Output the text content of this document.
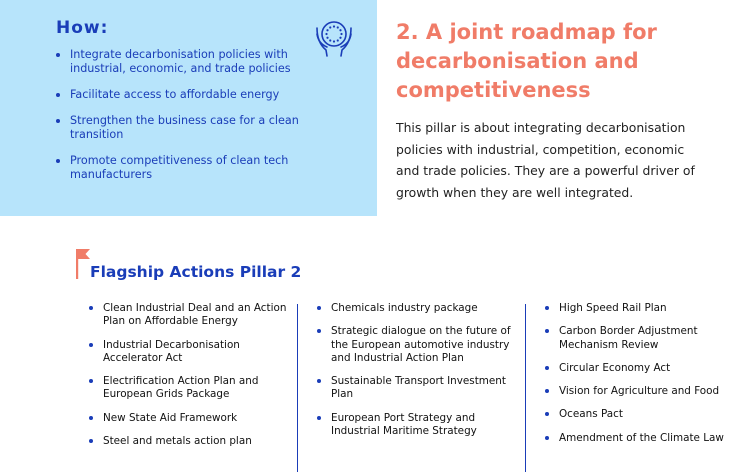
How:
Integrate decarbonisation policies with industrial, economic, and trade policies
Facilitate access to affordable energy
Strengthen the business case for a clean transition
Promote competitiveness of clean tech manufacturers
2. A joint roadmap for decarbonisation and competitiveness

This pillar is about integrating decarbonisation policies with industrial, competition, economic and trade policies. They are a powerful driver of growth when they are well integrated.

Flagship Actions Pillar 2
Clean Industrial Deal and an Action Plan on Affordable Energy
Industrial Decarbonisation Accelerator Act
Electrification Action Plan and European Grids Package
New State Aid Framework
Steel and metals action plan
Chemicals industry package
Strategic dialogue on the future of the European automotive industry and Industrial Action Plan
Sustainable Transport Investment Plan
European Port Strategy and Industrial Maritime Strategy
High Speed Rail Plan
Carbon Border Adjustment Mechanism Review
Circular Economy Act
Vision for Agriculture and Food
Oceans Pact
Amendment of the Climate Law
